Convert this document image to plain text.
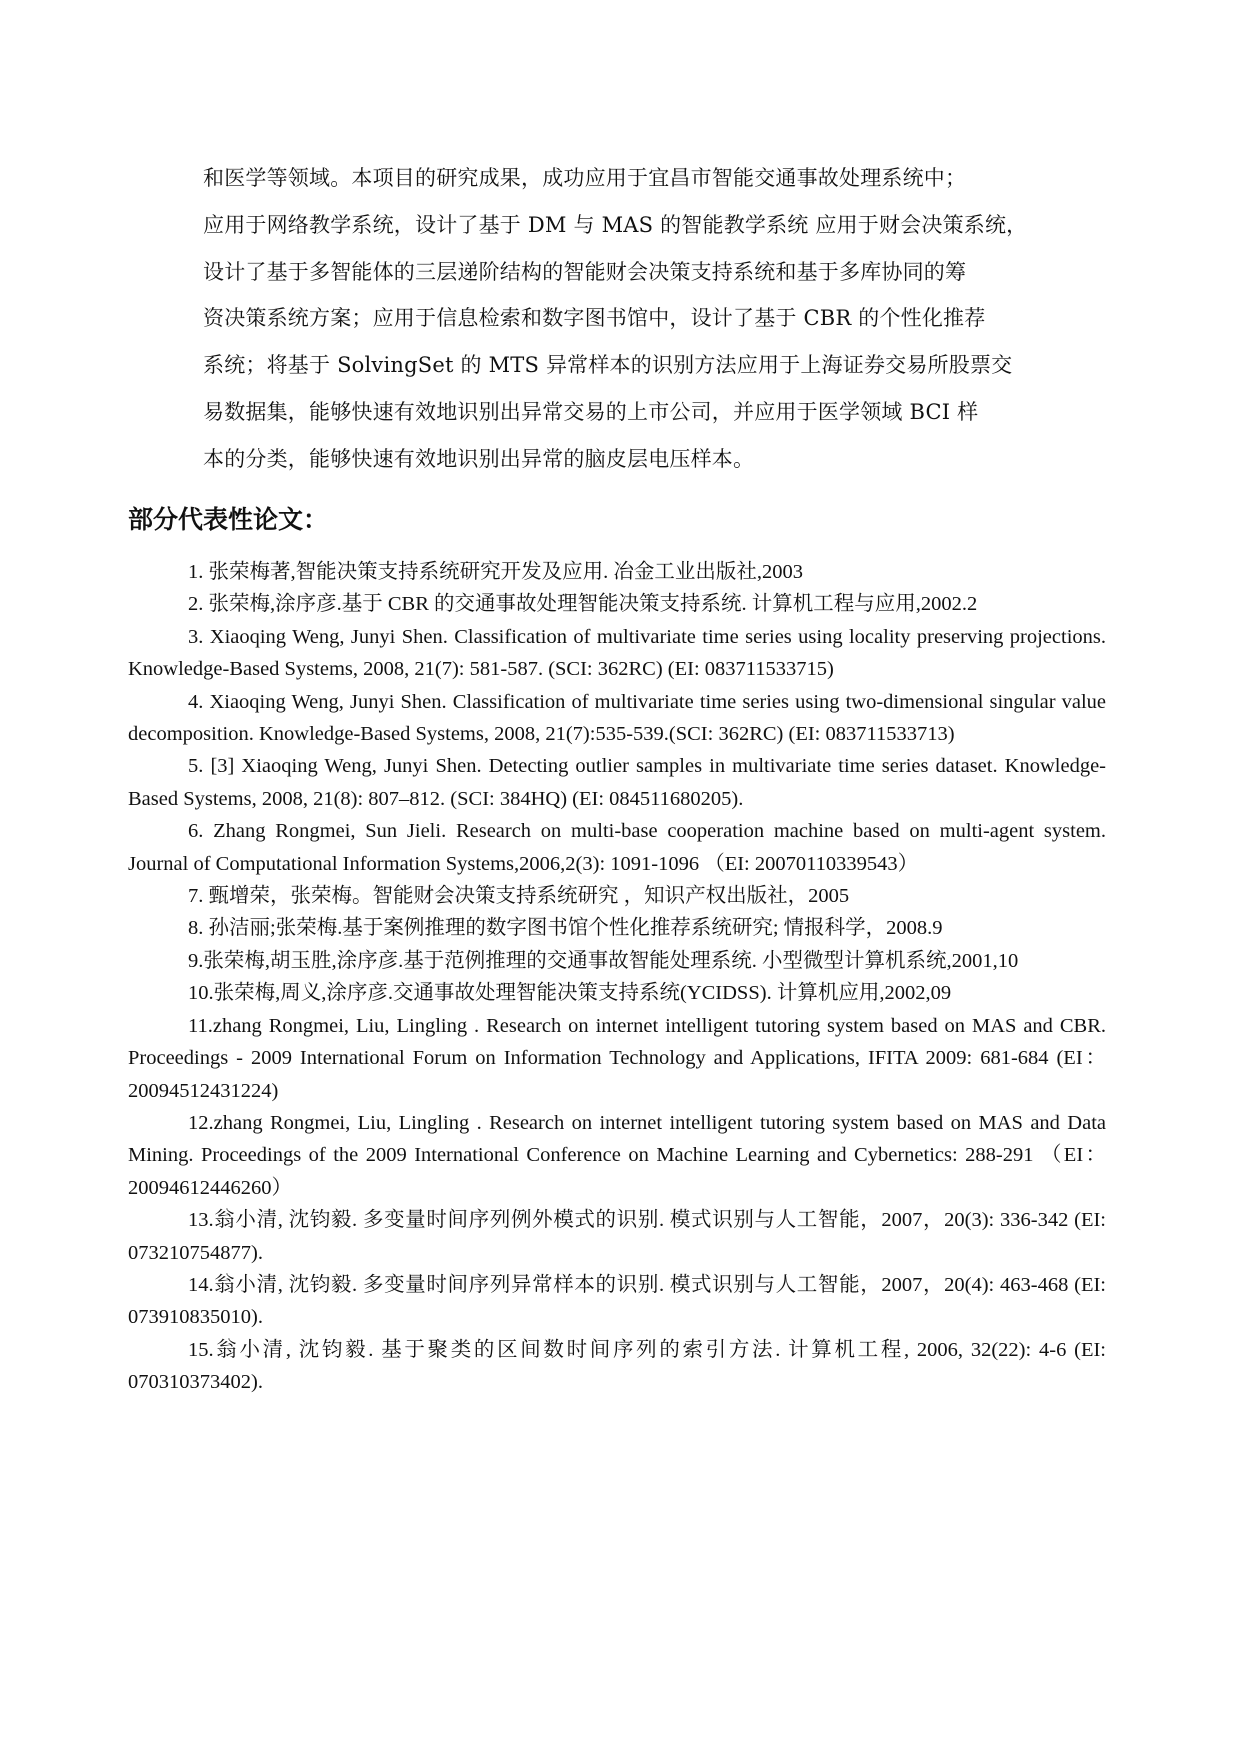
和医学等领域。本项目的研究成果，成功应用于宜昌市智能交通事故处理系统中；

应用于网络教学系统，设计了基于 DM 与 MAS 的智能教学系统 应用于财会决策系统，

设计了基于多智能体的三层递阶结构的智能财会决策支持系统和基于多库协同的筹

资决策系统方案；应用于信息检索和数字图书馆中，设计了基于 CBR 的个性化推荐

系统；将基于 SolvingSet 的 MTS 异常样本的识别方法应用于上海证券交易所股票交

易数据集，能够快速有效地识别出异常交易的上市公司，并应用于医学领域 BCI 样

本的分类，能够快速有效地识别出异常的脑皮层电压样本。

部分代表性论文：

1. 张荣梅著,智能决策支持系统研究开发及应用. 冶金工业出版社,2003

2. 张荣梅,涂序彦.基于 CBR 的交通事故处理智能决策支持系统. 计算机工程与应用,2002.2

3. Xiaoqing Weng, Junyi Shen. Classification of multivariate time series using locality preserving projections. Knowledge-Based Systems, 2008, 21(7): 581-587. (SCI: 362RC) (EI: 083711533715)

4. Xiaoqing Weng, Junyi Shen. Classification of multivariate time series using two-dimensional singular value decomposition. Knowledge-Based Systems, 2008, 21(7):535-539.(SCI: 362RC) (EI: 083711533713)

5. [3] Xiaoqing Weng, Junyi Shen. Detecting outlier samples in multivariate time series dataset. Knowledge-Based Systems, 2008, 21(8): 807–812. (SCI: 384HQ) (EI: 084511680205).

6. Zhang Rongmei, Sun Jieli. Research on multi-base cooperation machine based on multi-agent system. Journal of Computational Information Systems,2006,2(3): 1091-1096 （EI: 20070110339543）

7. 甄增荣，张荣梅。智能财会决策支持系统研究 ，知识产权出版社，2005

8. 孙洁丽;张荣梅.基于案例推理的数字图书馆个性化推荐系统研究; 情报科学，2008.9

9.张荣梅,胡玉胜,涂序彦.基于范例推理的交通事故智能处理系统. 小型微型计算机系统,2001,10

10.张荣梅,周义,涂序彦.交通事故处理智能决策支持系统(YCIDSS). 计算机应用,2002,09

11.zhang Rongmei, Liu, Lingling . Research on internet intelligent tutoring system based on MAS and CBR. Proceedings - 2009 International Forum on Information Technology and Applications, IFITA 2009: 681-684 (EI：20094512431224)

12.zhang Rongmei, Liu, Lingling . Research on internet intelligent tutoring system based on MAS and Data Mining. Proceedings of the 2009 International Conference on Machine Learning and Cybernetics: 288-291 （EI：20094612446260）

13.翁小清, 沈钧毅. 多变量时间序列例外模式的识别. 模式识别与人工智能，2007，20(3): 336-342 (EI: 073210754877).

14.翁小清, 沈钧毅. 多变量时间序列异常样本的识别. 模式识别与人工智能，2007，20(4): 463-468 (EI: 073910835010).

15.翁小清, 沈钧毅. 基于聚类的区间数时间序列的索引方法. 计算机工程, 2006, 32(22): 4-6 (EI: 070310373402).
